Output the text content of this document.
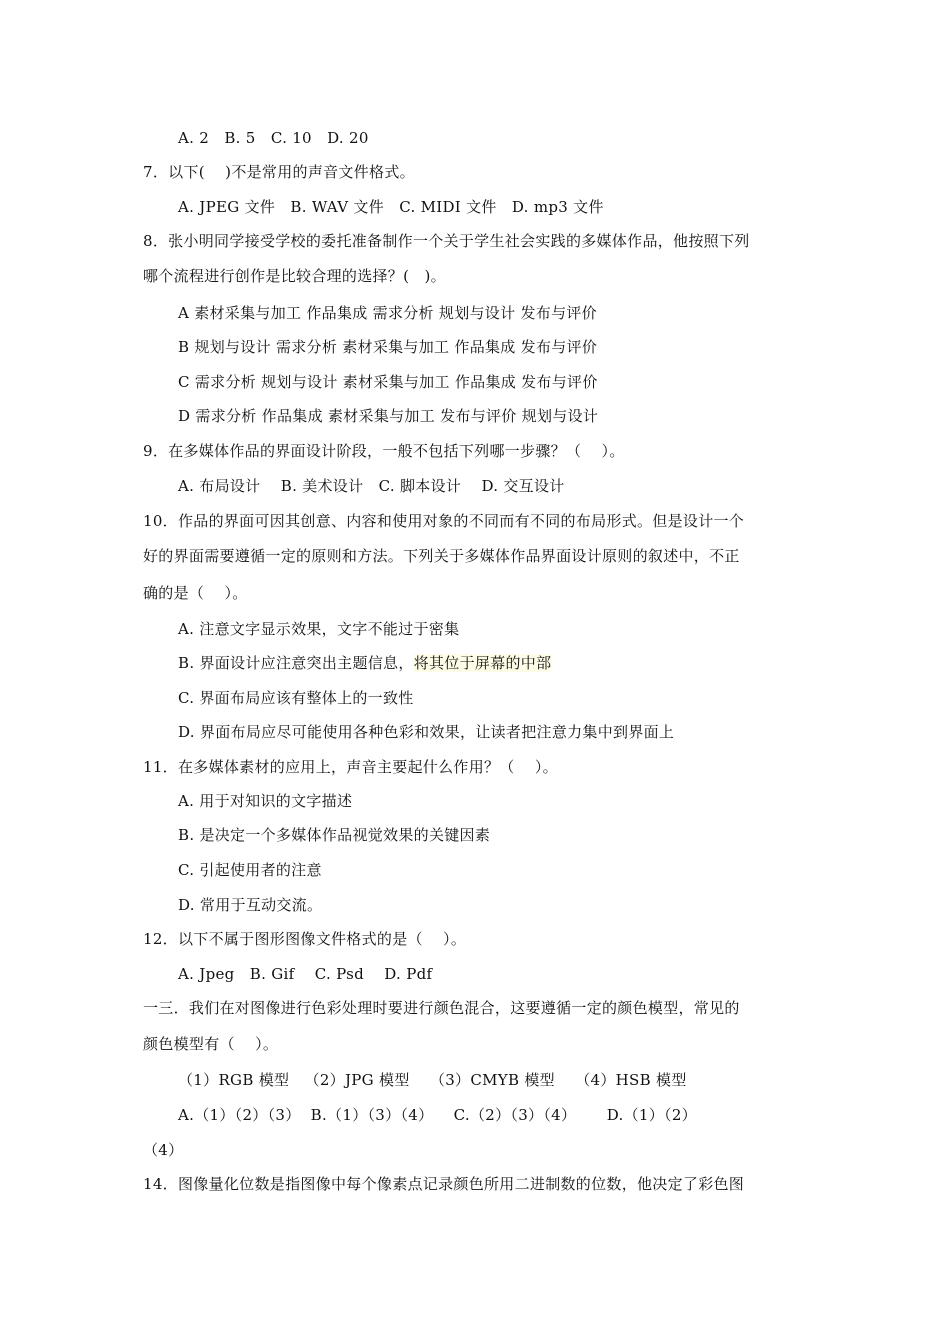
A. 2   B. 5   C. 10   D. 20
7．以下(    )不是常用的声音文件格式。
A. JPEG 文件   B. WAV 文件   C. MIDI 文件   D. mp3 文件
8．张小明同学接受学校的委托准备制作一个关于学生社会实践的多媒体作品，他按照下列
哪个流程进行创作是比较合理的选择？(   )。
A 素材采集与加工 作品集成 需求分析 规划与设计 发布与评价
B 规划与设计 需求分析 素材采集与加工 作品集成 发布与评价
C 需求分析 规划与设计 素材采集与加工 作品集成 发布与评价
D 需求分析 作品集成 素材采集与加工 发布与评价 规划与设计
9．在多媒体作品的界面设计阶段，一般不包括下列哪一步骤？（    ）。
A. 布局设计    B. 美术设计   C. 脚本设计    D. 交互设计
10．作品的界面可因其创意、内容和使用对象的不同而有不同的布局形式。但是设计一个
好的界面需要遵循一定的原则和方法。下列关于多媒体作品界面设计原则的叙述中，不正
确的是（    ）。
A. 注意文字显示效果，文字不能过于密集
B. 界面设计应注意突出主题信息，将其位于屏幕的中部
C. 界面布局应该有整体上的一致性
D. 界面布局应尽可能使用各种色彩和效果，让读者把注意力集中到界面上
11．在多媒体素材的应用上，声音主要起什么作用？（    ）。
A. 用于对知识的文字描述
B. 是决定一个多媒体作品视觉效果的关键因素
C. 引起使用者的注意
D. 常用于互动交流。
12．以下不属于图形图像文件格式的是（    ）。
A. Jpeg   B. Gif    C. Psd    D. Pdf
一三．我们在对图像进行色彩处理时要进行颜色混合，这要遵循一定的颜色模型，常见的
颜色模型有（    ）。
（1）RGB 模型   （2）JPG 模型    （3）CMYB 模型    （4）HSB 模型
A.（1）（2）（3）  B.（1）（3）（4）    C.（2）（3）（4）      D.（1）（2）
（4）
14．图像量化位数是指图像中每个像素点记录颜色所用二进制数的位数，他决定了彩色图
